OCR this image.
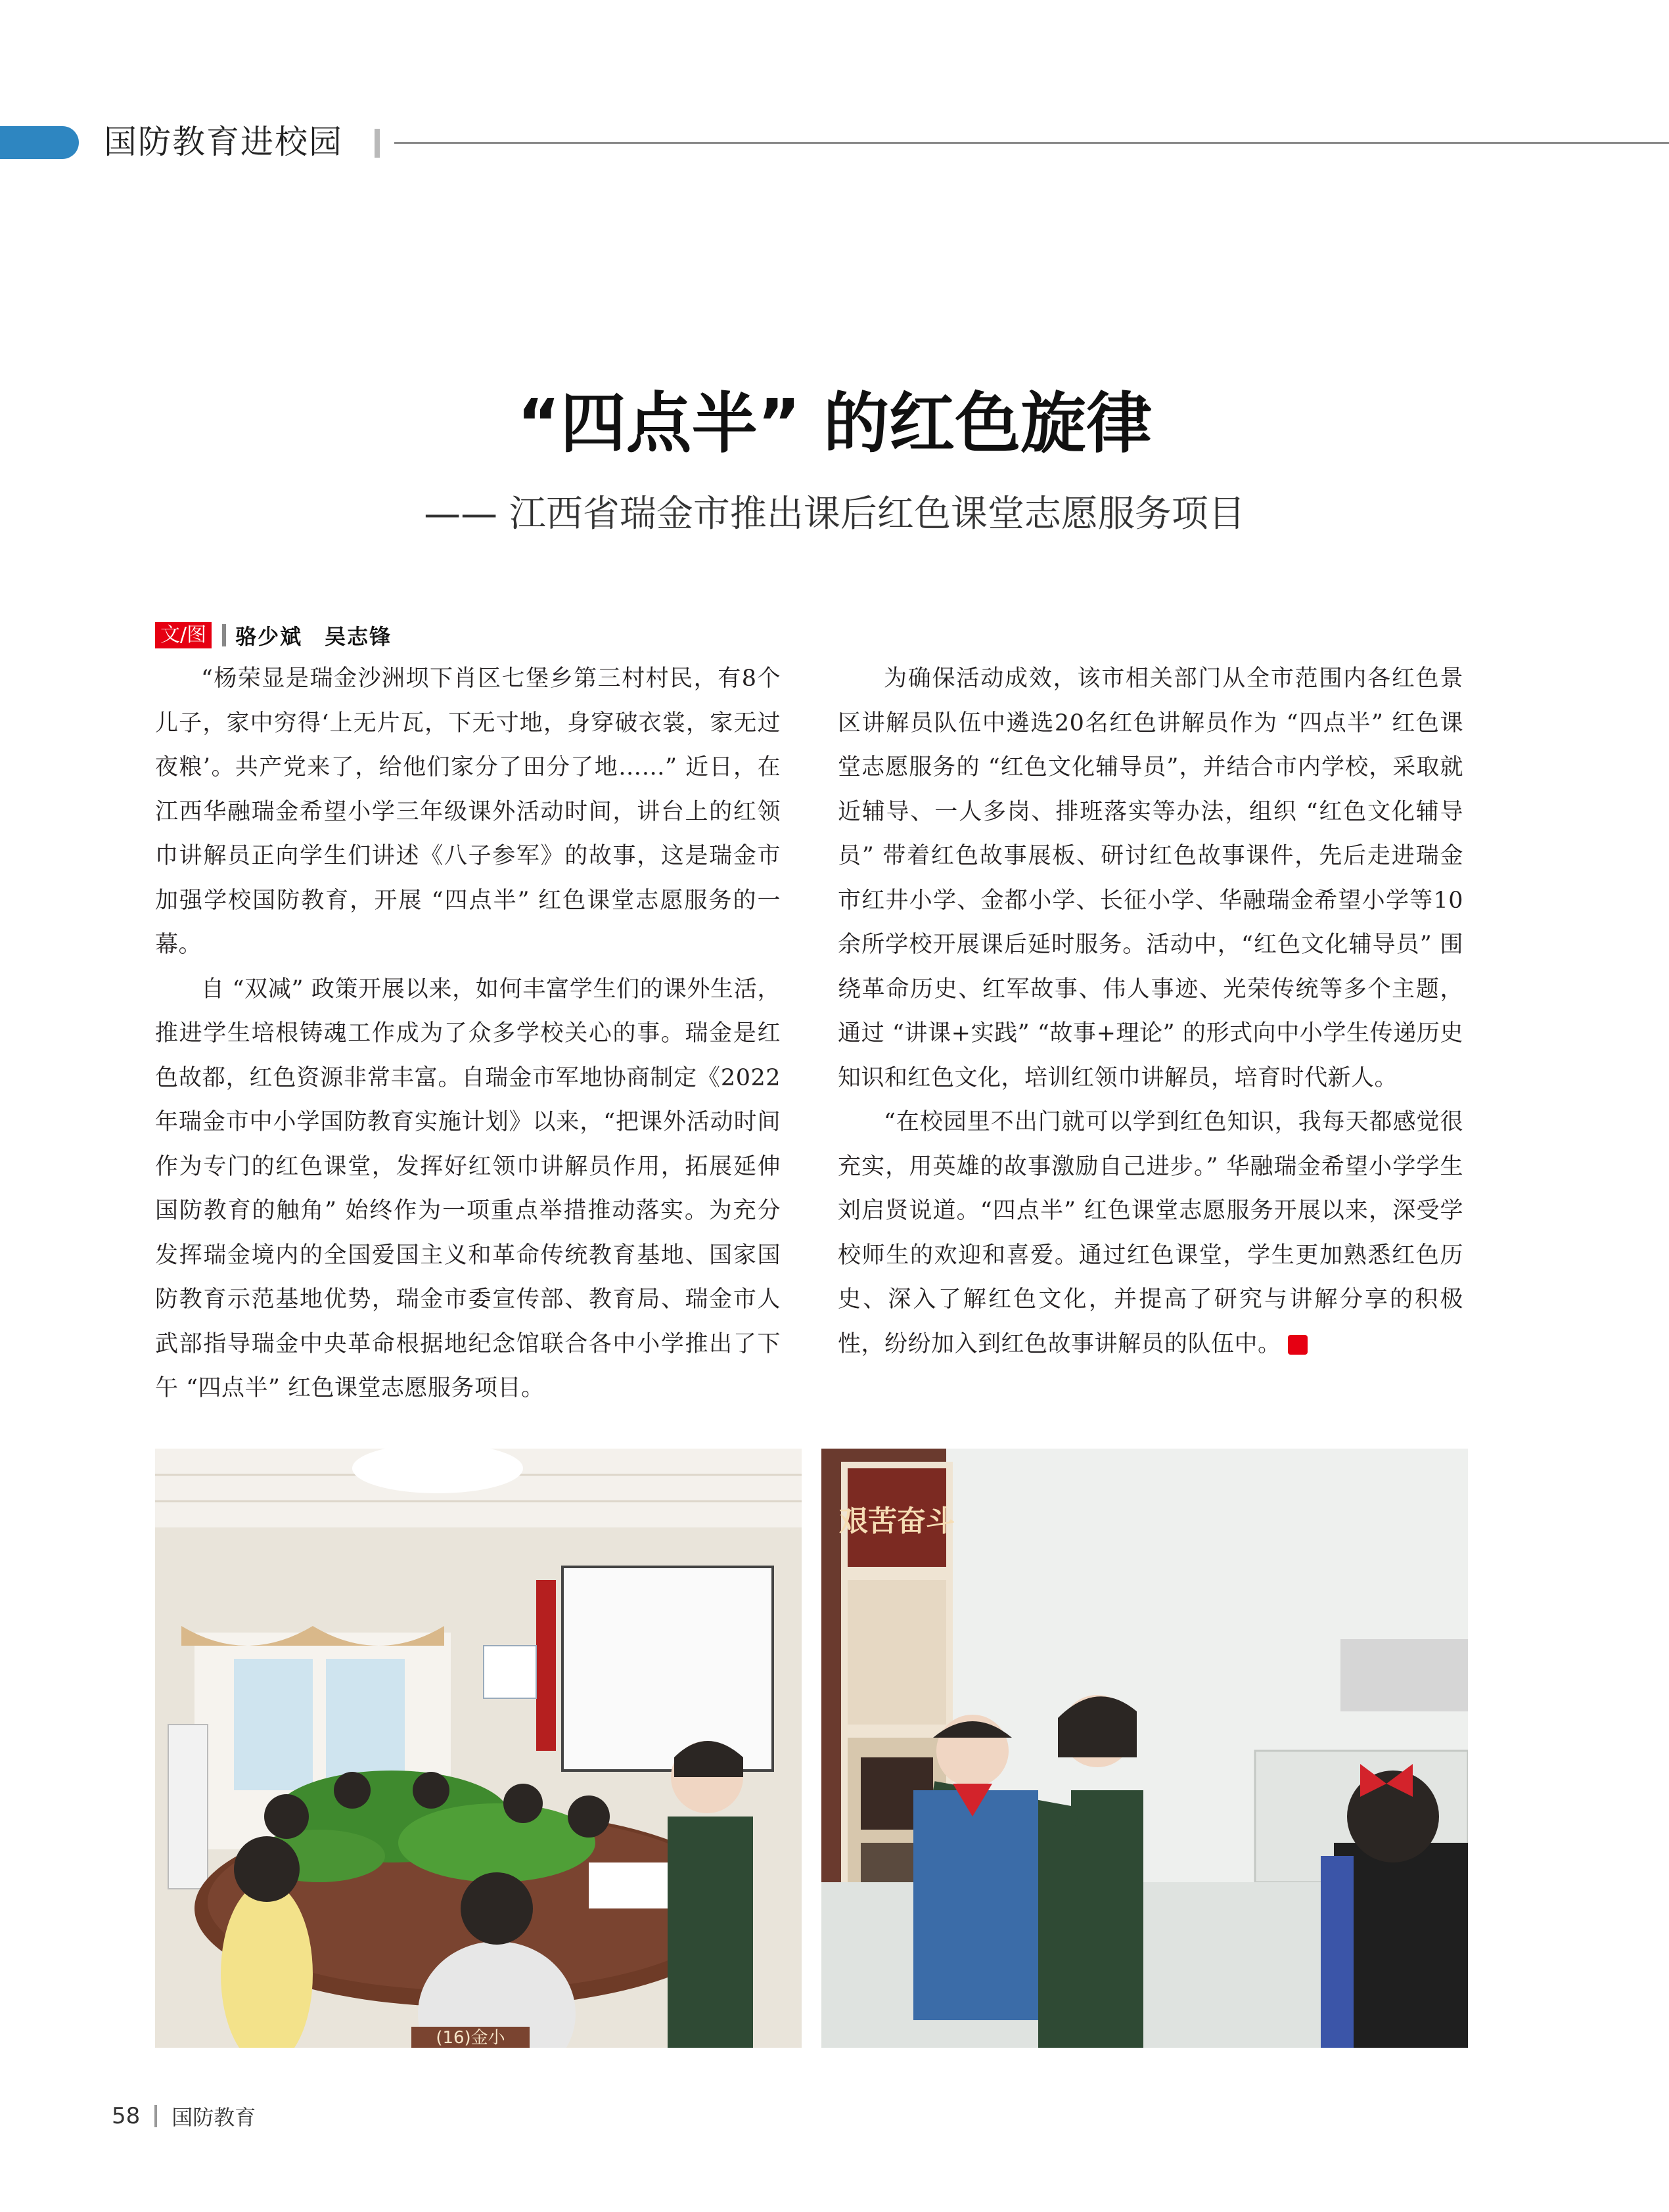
国防教育进校园
“四点半” 的红色旋律
—— 江西省瑞金市推出课后红色课堂志愿服务项目
文/图 骆少斌　吴志锋

“杨荣显是瑞金沙洲坝下肖区七堡乡第三村村民，有8个儿子，家中穷得‘上无片瓦，下无寸地，身穿破衣裳，家无过夜粮’。共产党来了，给他们家分了田分了地……” 近日，在江西华融瑞金希望小学三年级课外活动时间，讲台上的红领巾讲解员正向学生们讲述《八子参军》的故事，这是瑞金市加强学校国防教育，开展 “四点半” 红色课堂志愿服务的一幕。

自 “双减” 政策开展以来，如何丰富学生们的课外生活，推进学生培根铸魂工作成为了众多学校关心的事。瑞金是红色故都，红色资源非常丰富。自瑞金市军地协商制定《2022年瑞金市中小学国防教育实施计划》以来，“把课外活动时间作为专门的红色课堂，发挥好红领巾讲解员作用，拓展延伸国防教育的触角” 始终作为一项重点举措推动落实。为充分发挥瑞金境内的全国爱国主义和革命传统教育基地、国家国防教育示范基地优势，瑞金市委宣传部、教育局、瑞金市人武部指导瑞金中央革命根据地纪念馆联合各中小学推出了下午 “四点半” 红色课堂志愿服务项目。

为确保活动成效，该市相关部门从全市范围内各红色景区讲解员队伍中遴选20名红色讲解员作为 “四点半” 红色课堂志愿服务的 “红色文化辅导员”，并结合市内学校，采取就近辅导、一人多岗、排班落实等办法，组织 “红色文化辅导员” 带着红色故事展板、研讨红色故事课件，先后走进瑞金市红井小学、金都小学、长征小学、华融瑞金希望小学等10余所学校开展课后延时服务。活动中，“红色文化辅导员” 围绕革命历史、红军故事、伟人事迹、光荣传统等多个主题，通过 “讲课+实践” “故事+理论” 的形式向中小学生传递历史知识和红色文化，培训红领巾讲解员，培育时代新人。

“在校园里不出门就可以学到红色知识，我每天都感觉很充实，用英雄的故事激励自己进步。” 华融瑞金希望小学学生刘启贤说道。“四点半” 红色课堂志愿服务开展以来，深受学校师生的欢迎和喜爱。通过红色课堂，学生更加熟悉红色历史、深入了解红色文化，并提高了研究与讲解分享的积极性，纷纷加入到红色故事讲解员的队伍中。	G

(16)金小
艰苦奋斗
58 国防教育
